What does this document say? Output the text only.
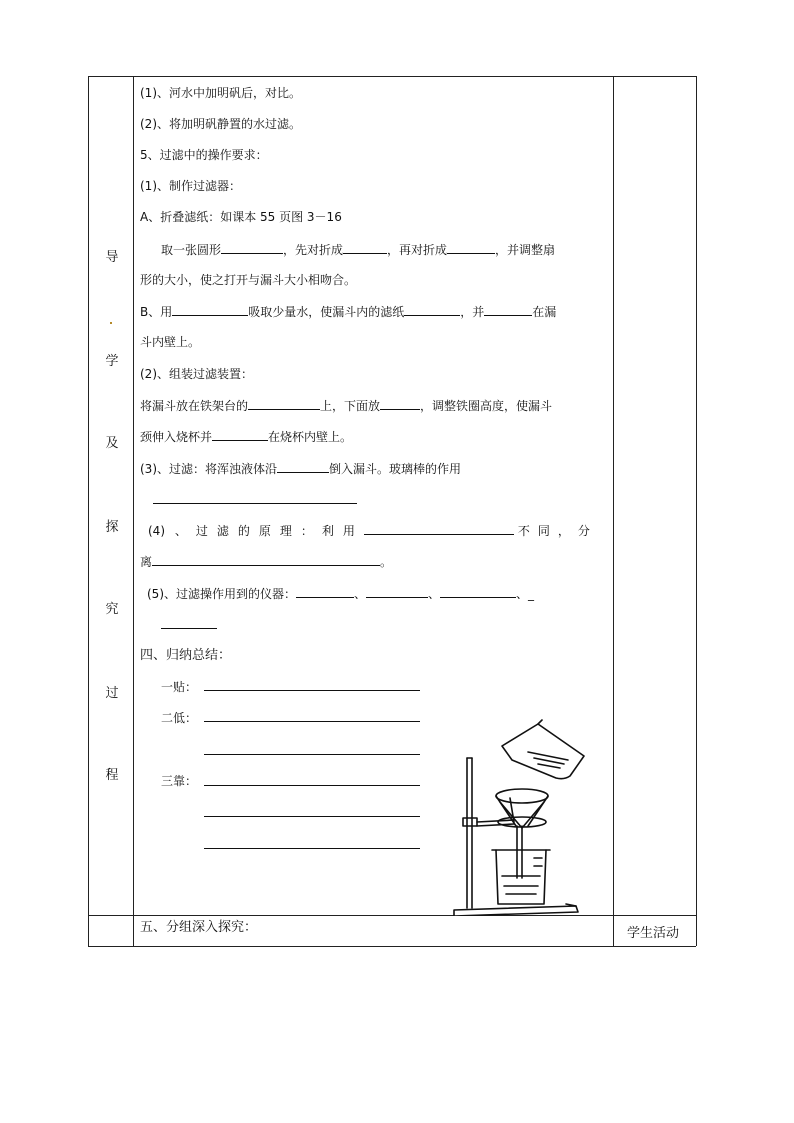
导
学
及
探
究
过
程
(1)、河水中加明矾后，对比。
(2)、将加明矾静置的水过滤。
5、过滤中的操作要求：
(1)、制作过滤器：
A、折叠滤纸：如课本 55 页图 3－16
取一张圆形	，先对折成	，再对折成	，并调整扇
形的大小，使之打开与漏斗大小相吻合。
B、用	吸取少量水，使漏斗内的滤纸	，并	在漏
斗内壁上。
(2)、组装过滤装置：
将漏斗放在铁架台的	上，下面放	，调整铁圈高度，使漏斗
颈伸入烧杯并	在烧杯内壁上。
(3)、过滤：将浑浊液体沿	倒入漏斗。玻璃棒的作用
(4) 、过滤的原理：利用	不同，分
离	。
(5)、过滤操作用到的仪器：	、	、	、_
四、归纳总结：
一贴：
二低：
三靠：
五、分组深入探究：	学生活动
